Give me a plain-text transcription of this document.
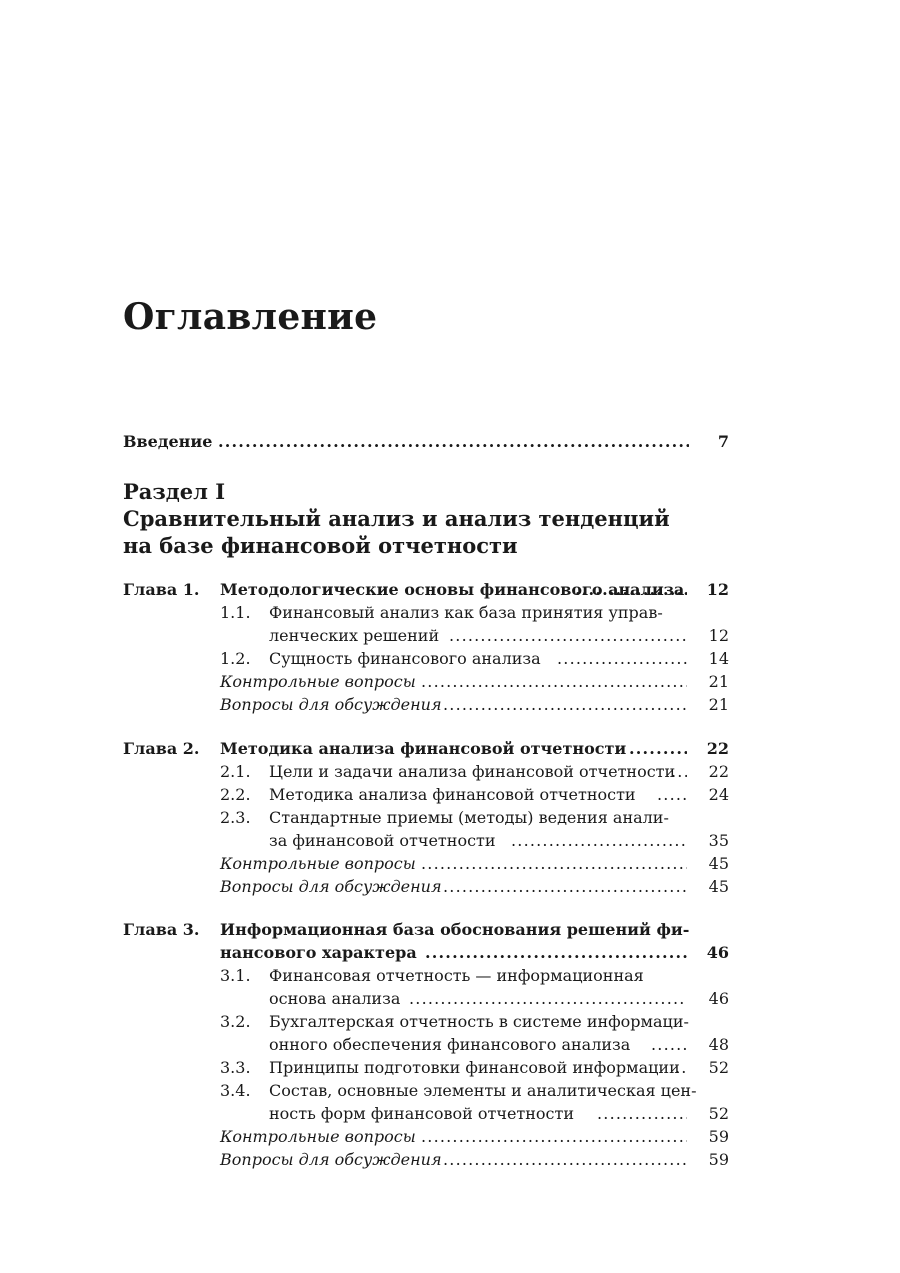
Оглавление
Введение .....	7
Раздел I
Сравнительный анализ и анализ тенденций
на базе финансовой отчетности
Глава 1. Методологические основы финансового анализа ..... 12
1.1. Финансовый анализ как база принятия управ-
ленческих решений .....	12
1.2. Сущность финансового анализа .....	14
Контрольные вопросы .....	21
Вопросы для обсуждения .....	21
Глава 2. Методика анализа финансовой отчетности .....	22
2.1. Цели и задачи анализа финансовой отчетности ..... 22
2.2. Методика анализа финансовой отчетности .....	24
2.3. Стандартные приемы (методы) ведения анали-
за финансовой отчетности .....	35
Контрольные вопросы .....	45
Вопросы для обсуждения .....	45
Глава 3. Информационная база обоснования решений фи-
нансового характера .....	46
3.1. Финансовая отчетность — информационная
основа анализа .....	46
3.2. Бухгалтерская отчетность в системе информаци-
онного обеспечения финансового анализа .....	48
3.3. Принципы подготовки финансовой информации ..... 52
3.4. Состав, основные элементы и аналитическая цен-
ность форм финансовой отчетности .....	52
Контрольные вопросы .....	59
Вопросы для обсуждения .....	59
